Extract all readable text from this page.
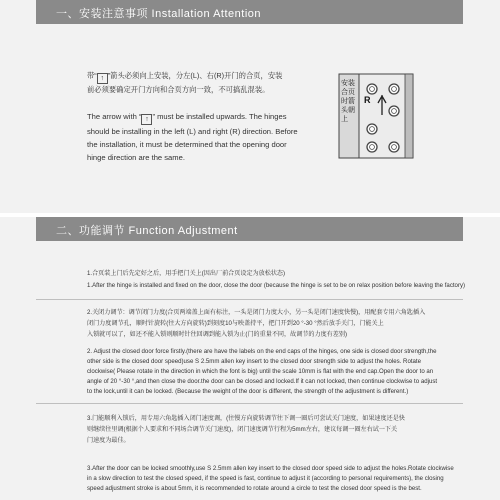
一、安装注意事项 Installation Attention
带“ ↑ ”箭头必须向上安装，分左(L)、右(R)开门的合页，安装
前必须要确定开门方向和合页方向一致，不可搞乱混装。
The arrow with “ ↑ ” must be installed upwards. The hinges
should be installing in the left (L) and right (R) direction. Before
the installation, it must be determined that the opening door
hinge direction are the same.
R
安装合页时箭头朝上
二、功能调节 Function Adjustment
1.合页装上门后先定好之后，用手把门关上(因出厂前合页设定为放松状态)
1.After the hinge is installed and fixed on the door, close the door (because the hinge is set to be on relax position before leaving the factory)
2.关闭力调节：调节闭门力度(合页两端盖上面有标注，一头是闭门力度大小，另一头是闭门速度快慢)，用配套专用六角匙插入
闭门力度调节孔，顺时针旋转(往大方向旋转)到刻度10与映盖持平，把门开到20 °-30 °然后放手关门，门能关上
入锁就可以了，如还不能入锁则顺时针往回调到能入锁为止(门的重量不同，故调节的力度有差别)
2. Adjust the closed door force firstly.(there are have the labels on the end caps of the hinges, one side is closed door strength,the
other side is the closed door speed)use S 2.5mm allen key insert to the closed door strength side to adjust the holes. Rotate
clockwise( Please rotate in the direction in which the font is big) until the scale 10mm is flat with the end cap.Open the door to an
angle of 20 °-30 °,and then close the door.the door can be closed and locked.If it can not locked, then continue clockwise to adjust
to the lock,until it can be locked. (Because the weight of the door is different, the strength of the adjustment is different.)
3.门能顺利入锁后，用专用六角匙插入闭门速度调，(往慢方向旋转调节往下调一圈后可尝试关门速度，如果速度还是快
则继续往里调(根据个人要求和不同场合调节关门速度)，闭门速度调节行程为5mm左右，建议每调一圈左右试一下关
门速度为最佳。
3.After the door can be locked smoothly,use S 2.5mm allen key insert to the closed door speed side to adjust the holes.Rotate clockwise
in a slow direction to test the closed speed, if the speed is fast, continue to adjust it (according to personal requirements), the closing
speed adjustment stroke is about 5mm, it is recommended to rotate around a circle to test the closed door speed is the best.
